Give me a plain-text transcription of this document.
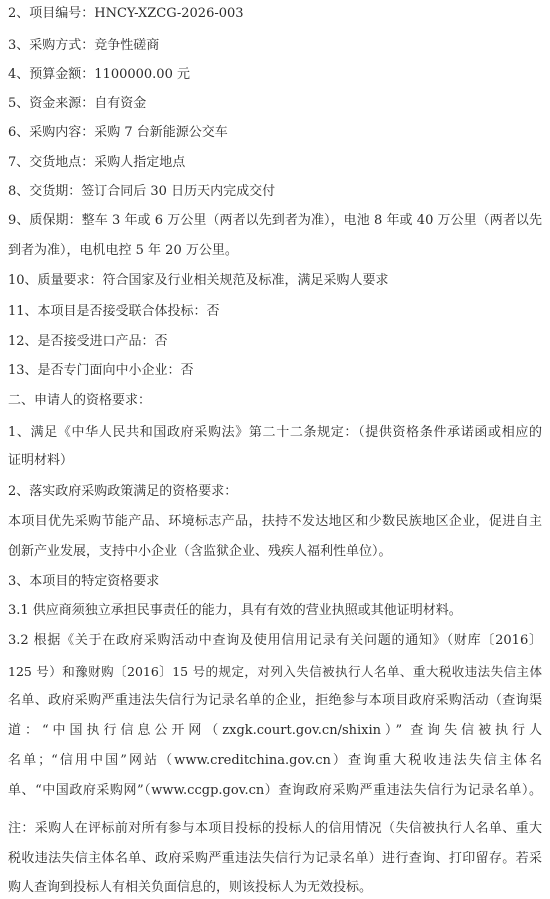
2、项目编号：HNCY-XZCG-2026-003
3、采购方式：竞争性磋商
4、预算金额：1100000.00 元
5、资金来源：自有资金
6、采购内容：采购 7 台新能源公交车
7、交货地点：采购人指定地点
8、交货期：签订合同后 30 日历天内完成交付
9、质保期：整车 3 年或 6 万公里（两者以先到者为准），电池 8 年或 40 万公里（两者以先
到者为准），电机电控 5 年 20 万公里。
10、质量要求：符合国家及行业相关规范及标准，满足采购人要求
11、本项目是否接受联合体投标：否
12、是否接受进口产品：否
13、是否专门面向中小企业：否
二、申请人的资格要求：
1、满足《中华人民共和国政府采购法》第二十二条规定：（提供资格条件承诺函或相应的
证明材料）
2、落实政府采购政策满足的资格要求：
本项目优先采购节能产品、环境标志产品，扶持不发达地区和少数民族地区企业，促进自主
创新产业发展，支持中小企业（含监狱企业、残疾人福利性单位）。
3、本项目的特定资格要求
3.1 供应商须独立承担民事责任的能力，具有有效的营业执照或其他证明材料。
3.2 根据《关于在政府采购活动中查询及使用信用记录有关问题的通知》（财库〔2016〕
125 号）和豫财购〔2016〕15 号的规定，对列入失信被执行人名单、重大税收违法失信主体
名单、政府采购严重违法失信行为记录名单的企业，拒绝参与本项目政府采购活动（查询渠
道：“中国执行信息公开网（zxgk.court.gov.cn/shixin）” 查询失信被执行人
名单；“信用中国”网站（www.creditchina.gov.cn）查询重大税收违法失信主体名
单、“中国政府采购网”（www.ccgp.gov.cn）查询政府采购严重违法失信行为记录名单）。
注：采购人在评标前对所有参与本项目投标的投标人的信用情况（失信被执行人名单、重大
税收违法失信主体名单、政府采购严重违法失信行为记录名单）进行查询、打印留存。若采
购人查询到投标人有相关负面信息的，则该投标人为无效投标。
